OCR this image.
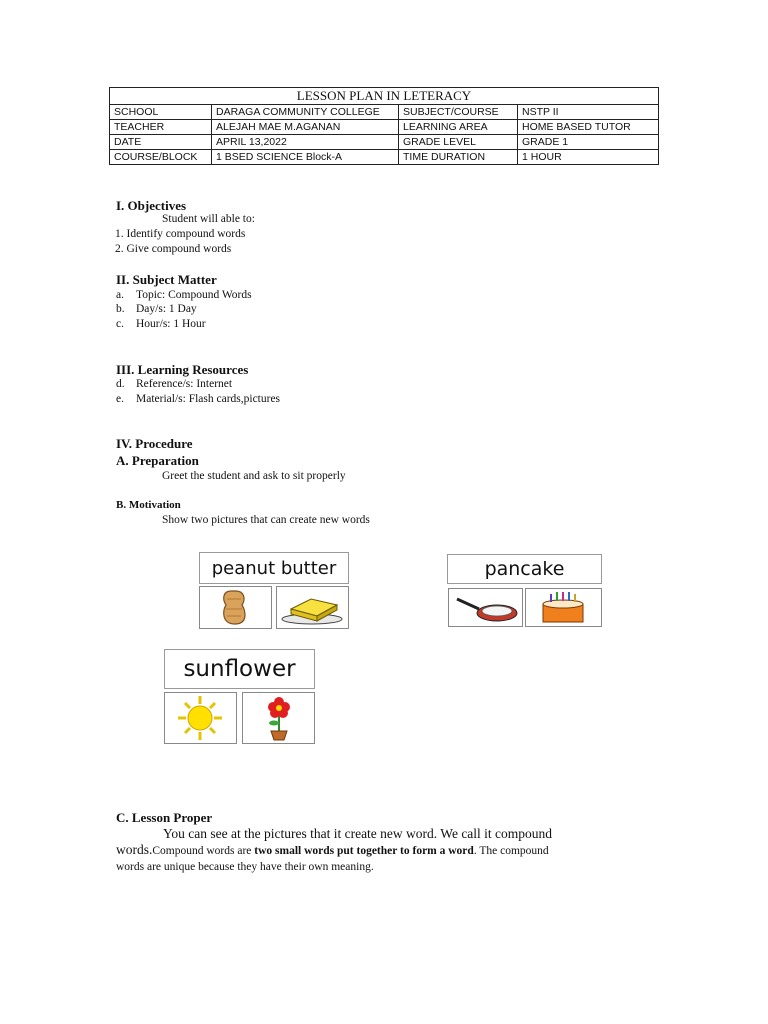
LESSON PLAN IN LETERACY			
SCHOOL	DARAGA COMMUNITY COLLEGE	SUBJECT/COURSE	NSTP II
TEACHER	ALEJAH MAE M.AGANAN	LEARNING AREA	HOME BASED TUTOR
DATE	APRIL 13,2022	GRADE LEVEL	GRADE 1
COURSE/BLOCK	1 BSED SCIENCE Block-A	TIME DURATION	1 HOUR
I. Objectives
Student will able to:
1. Identify compound words
2. Give compound words
II. Subject Matter
a. Topic: Compound Words
b. Day/s: 1 Day
c. Hour/s: 1 Hour
III. Learning Resources
d. Reference/s: Internet
e. Material/s: Flash cards,pictures
IV. Procedure
A. Preparation
Greet the student and ask to sit properly
B. Motivation
Show two pictures that can create new words
peanut butter	pancake
sunflower
C. Lesson Proper
You can see at the pictures that it create new word. We call it compound
words.Compound words are two small words put together to form a word. The compound
words are unique because they have their own meaning.
